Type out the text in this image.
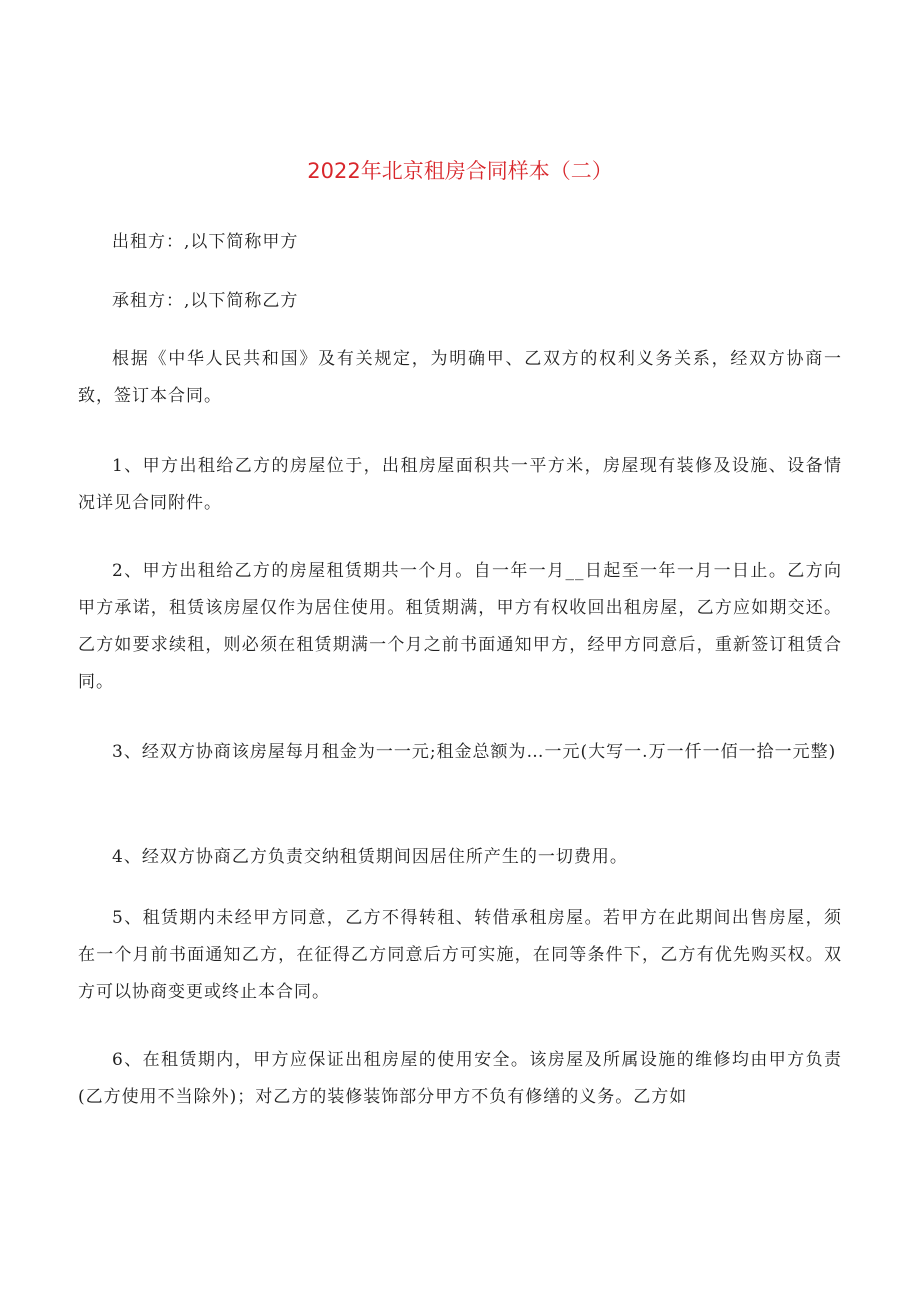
2022年北京租房合同样本（二）
出租方：,以下简称甲方
承租方：,以下简称乙方
根据《中华人民共和国》及有关规定，为明确甲、乙双方的权利义务关系，经双方协商一致，签订本合同。
1、甲方出租给乙方的房屋位于，出租房屋面积共一平方米，房屋现有装修及设施、设备情况详见合同附件。
2、甲方出租给乙方的房屋租赁期共一个月。自一年一月__日起至一年一月一日止。乙方向甲方承诺，租赁该房屋仅作为居住使用。租赁期满，甲方有权收回出租房屋，乙方应如期交还。乙方如要求续租，则必须在租赁期满一个月之前书面通知甲方，经甲方同意后，重新签订租赁合同。
3、经双方协商该房屋每月租金为一一元;租金总额为…一元(大写一.万一仟一佰一拾一元整)
4、经双方协商乙方负责交纳租赁期间因居住所产生的一切费用。
5、租赁期内未经甲方同意，乙方不得转租、转借承租房屋。若甲方在此期间出售房屋，须在一个月前书面通知乙方，在征得乙方同意后方可实施，在同等条件下，乙方有优先购买权。双方可以协商变更或终止本合同。
6、在租赁期内，甲方应保证出租房屋的使用安全。该房屋及所属设施的维修均由甲方负责(乙方使用不当除外)；对乙方的装修装饰部分甲方不负有修缮的义务。乙方如
